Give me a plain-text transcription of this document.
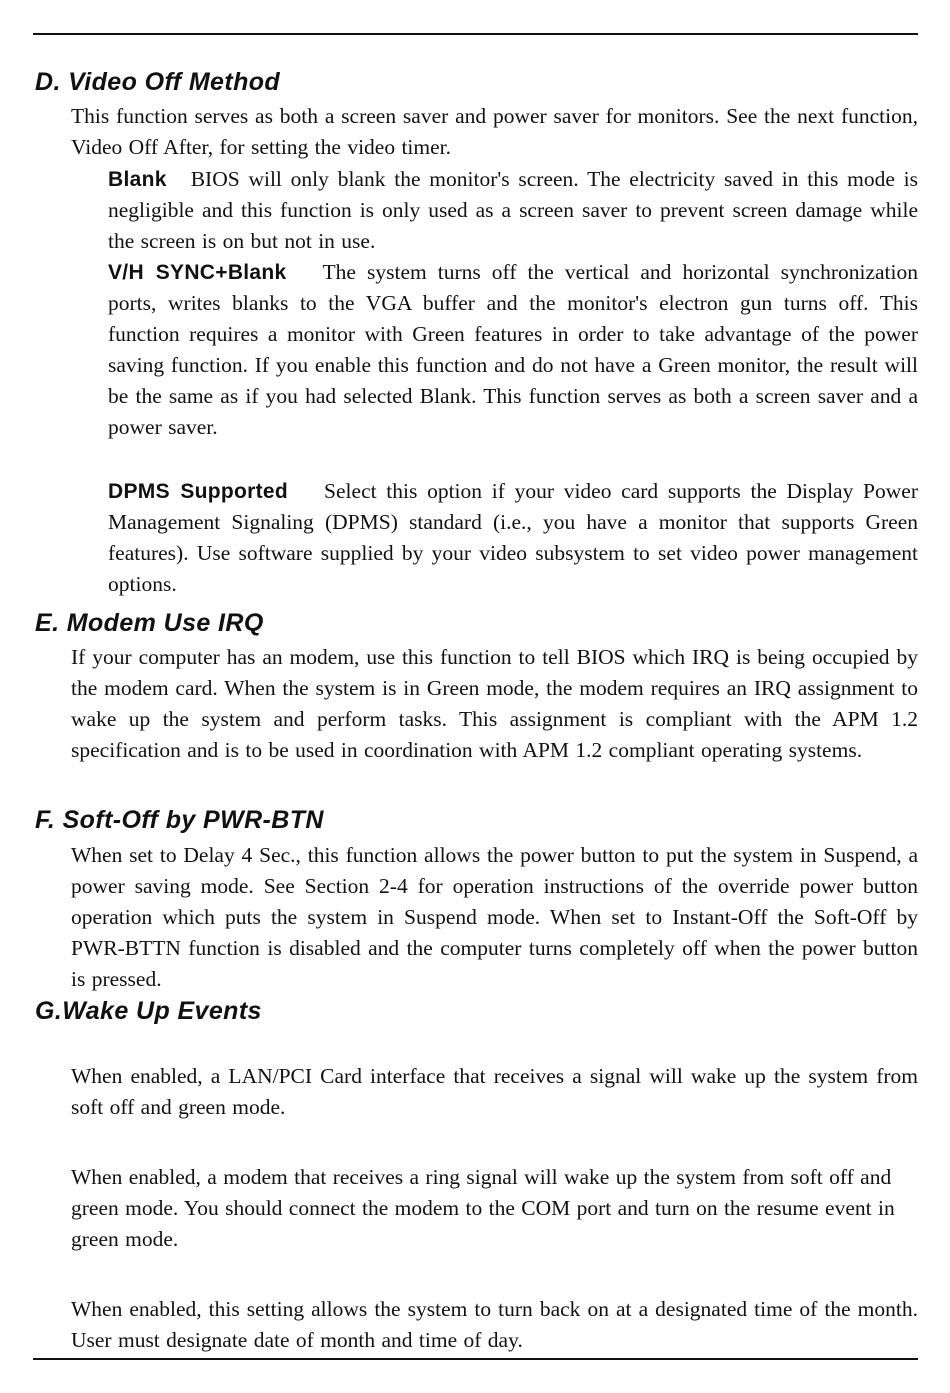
D. Video Off Method

This function serves as both a screen saver and power saver for monitors. See the next function, Video Off After, for setting the video timer.

Blank BIOS will only blank the monitor's screen. The electricity saved in this mode is negligible and this function is only used as a screen saver to prevent screen damage while the screen is on but not in use.

V/H SYNC+Blank The system turns off the vertical and horizontal synchronization ports, writes blanks to the VGA buffer and the monitor's electron gun turns off. This function requires a monitor with Green features in order to take advantage of the power saving function. If you enable this function and do not have a Green monitor, the result will be the same as if you had selected Blank. This function serves as both a screen saver and a power saver.

DPMS Supported Select this option if your video card supports the Display Power Management Signaling (DPMS) standard (i.e., you have a monitor that supports Green features). Use software supplied by your video subsystem to set video power management options.

E. Modem Use IRQ

If your computer has an modem, use this function to tell BIOS which IRQ is being occupied by the modem card. When the system is in Green mode, the modem requires an IRQ assignment to wake up the system and perform tasks. This assignment is compliant with the APM 1.2 specification and is to be used in coordination with APM 1.2 compliant operating systems.

F. Soft-Off by PWR-BTN

When set to Delay 4 Sec., this function allows the power button to put the system in Suspend, a power saving mode. See Section 2-4 for operation instructions of the override power button operation which puts the system in Suspend mode. When set to Instant-Off the Soft-Off by PWR-BTTN function is disabled and the computer turns completely off when the power button is pressed.

G.Wake Up Events

When enabled, a LAN/PCI Card interface that receives a signal will wake up the system from soft off and green mode.

When enabled, a modem that receives a ring signal will wake up the system from soft off and green mode. You should connect the modem to the COM port and turn on the resume event in green mode.

When enabled, this setting allows the system to turn back on at a designated time of the month. User must designate date of month and time of day.
